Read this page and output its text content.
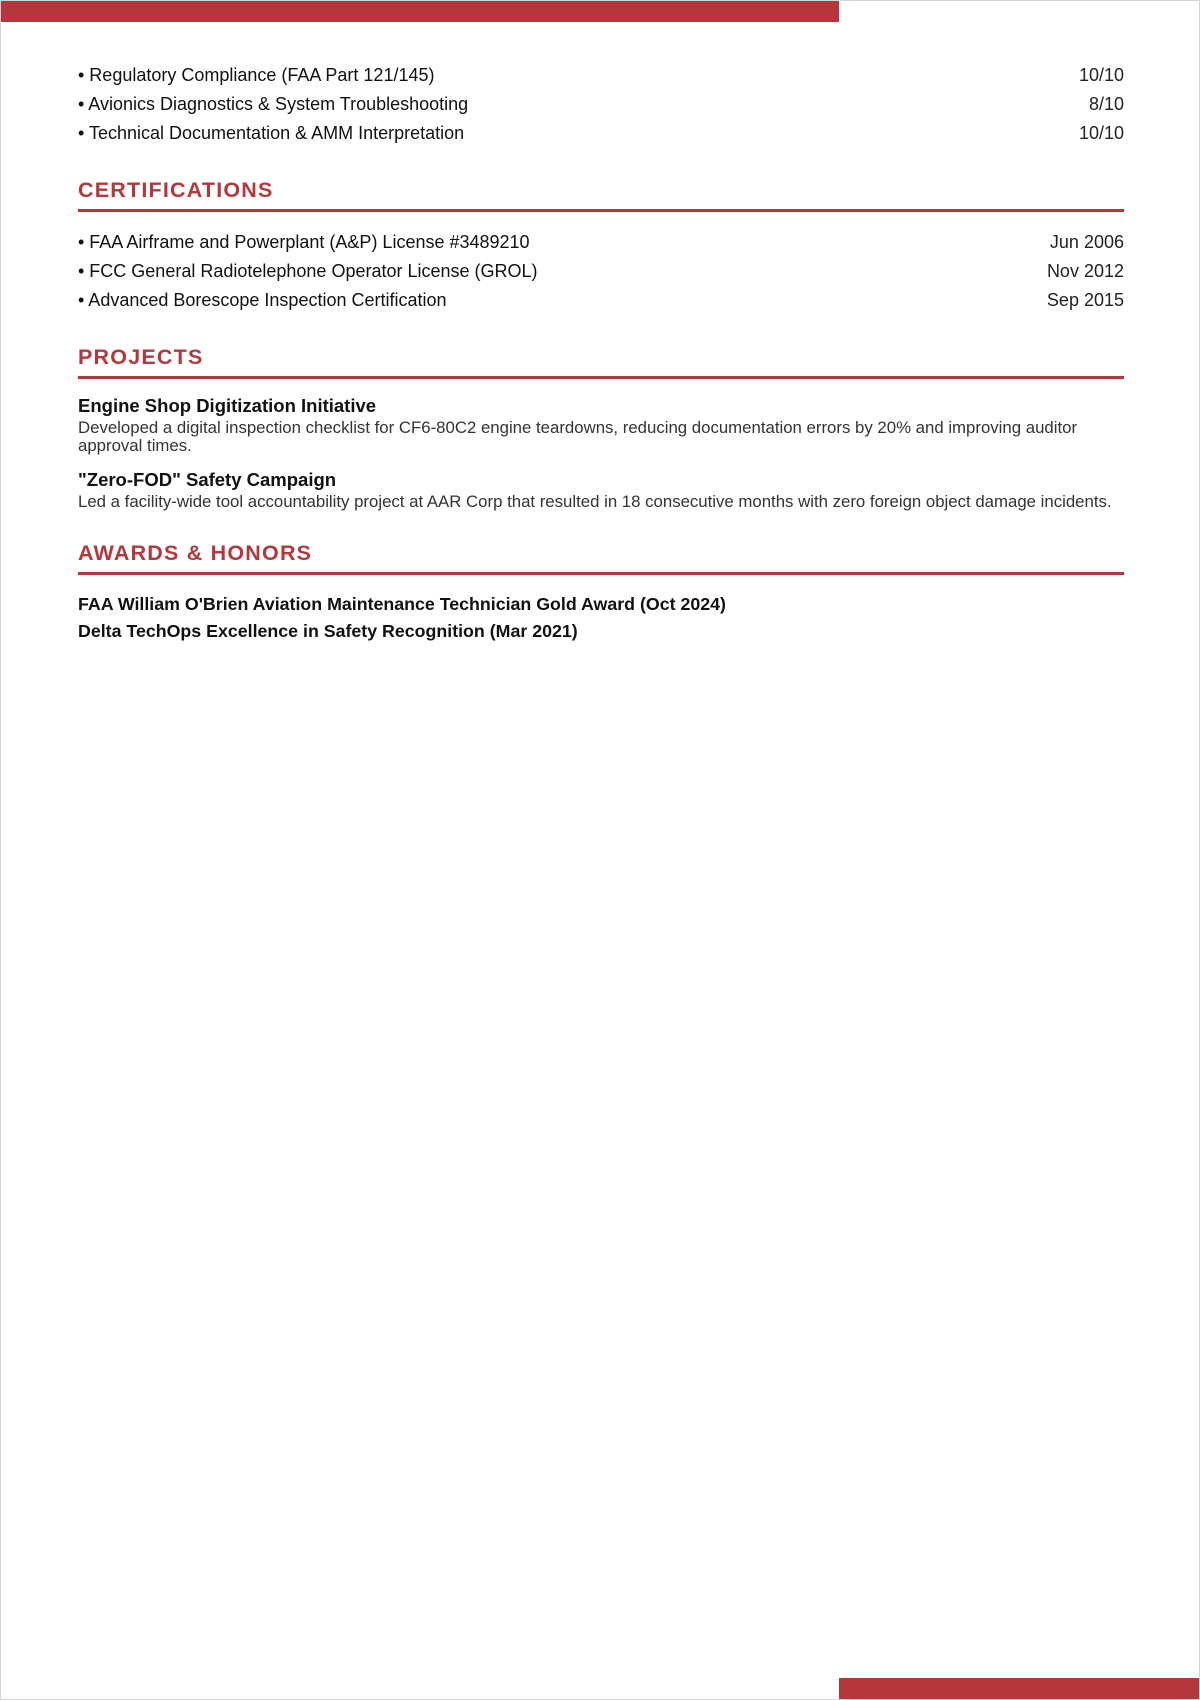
• Regulatory Compliance (FAA Part 121/145)	10/10
• Avionics Diagnostics & System Troubleshooting	8/10
• Technical Documentation & AMM Interpretation	10/10
CERTIFICATIONS
• FAA Airframe and Powerplant (A&P) License #3489210	Jun 2006
• FCC General Radiotelephone Operator License (GROL)	Nov 2012
• Advanced Borescope Inspection Certification	Sep 2015
PROJECTS
Engine Shop Digitization Initiative
Developed a digital inspection checklist for CF6-80C2 engine teardowns, reducing documentation errors by 20% and improving auditor approval times.
"Zero-FOD" Safety Campaign
Led a facility-wide tool accountability project at AAR Corp that resulted in 18 consecutive months with zero foreign object damage incidents.
AWARDS & HONORS
FAA William O'Brien Aviation Maintenance Technician Gold Award (Oct 2024)
Delta TechOps Excellence in Safety Recognition (Mar 2021)
